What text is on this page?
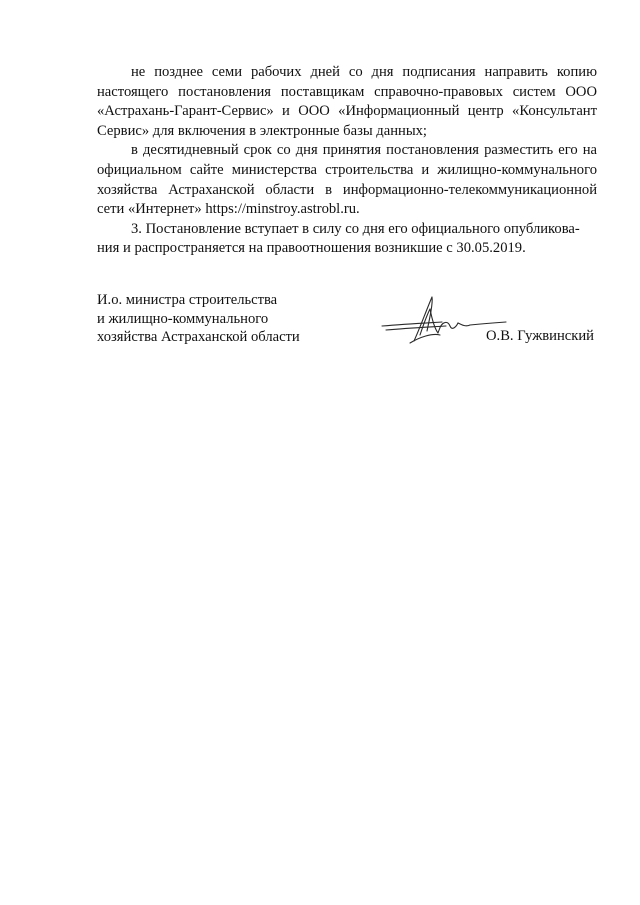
не позднее семи рабочих дней со дня подписания направить копию настоящего постановления поставщикам справочно-правовых систем ООО «Астрахань-Гарант-Сервис» и ООО «Информационный центр «Консультант Сервис» для включения в электронные базы данных;

в десятидневный срок со дня принятия постановления разместить его на официальном сайте министерства строительства и жилищно-коммунального хозяйства Астраханской области в информационно-телекоммуникационной сети «Интернет» https://minstroy.astrobl.ru.

3. Постановление вступает в силу со дня его официального опубликова-
ния и распространяется на правоотношения возникшие с 30.05.2019.

И.о. министра строительства
и жилищно-коммунального
хозяйства Астраханской области	О.В. Гужвинский
